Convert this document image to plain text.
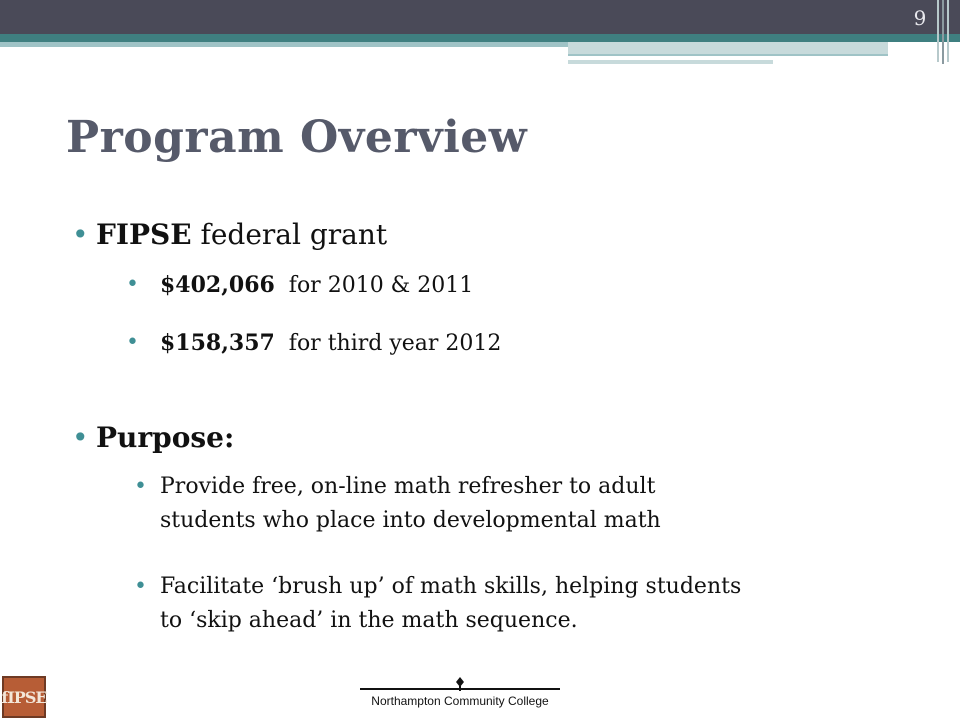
9
Program Overview
• FIPSE federal grant
• $402,066  for 2010 & 2011
• $158,357  for third year 2012
• Purpose:
• Provide free, on-line math refresher to adult
students who place into developmental math
• Facilitate ‘brush up’ of math skills, helping students
to ‘skip ahead’ in the math sequence.
fIPSE	Northampton Community College
